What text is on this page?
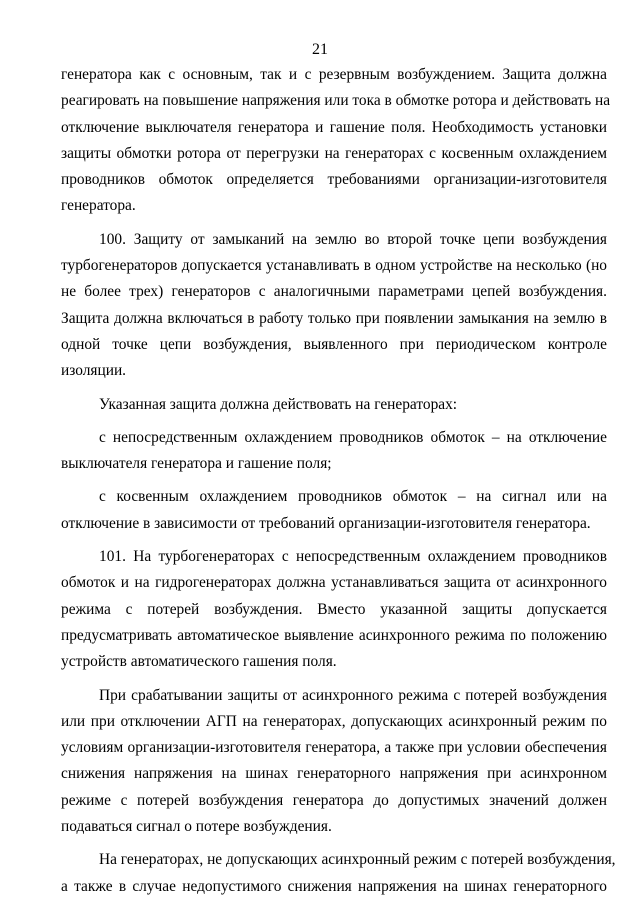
21

генератора как с основным, так и с резервным возбуждением. Защита должна
реагировать на повышение напряжения или тока в обмотке ротора и действовать на
отключение выключателя генератора и гашение поля. Необходимость установки
защиты обмотки ротора от перегрузки на генераторах с косвенным охлаждением
проводников обмоток определяется требованиями организации-изготовителя
генератора.

100. Защиту от замыканий на землю во второй точке цепи возбуждения
турбогенераторов допускается устанавливать в одном устройстве на несколько (но
не более трех) генераторов с аналогичными параметрами цепей возбуждения.
Защита должна включаться в работу только при появлении замыкания на землю в
одной точке цепи возбуждения, выявленного при периодическом контроле
изоляции.

Указанная защита должна действовать на генераторах:

с непосредственным охлаждением проводников обмоток – на отключение
выключателя генератора и гашение поля;

с косвенным охлаждением проводников обмоток – на сигнал или на
отключение в зависимости от требований организации-изготовителя генератора.

101. На турбогенераторах с непосредственным охлаждением проводников
обмоток и на гидрогенераторах должна устанавливаться защита от асинхронного
режима с потерей возбуждения. Вместо указанной защиты допускается
предусматривать автоматическое выявление асинхронного режима по положению
устройств автоматического гашения поля.

При срабатывании защиты от асинхронного режима с потерей возбуждения
или при отключении АГП на генераторах, допускающих асинхронный режим по
условиям организации-изготовителя генератора, а также при условии обеспечения
снижения напряжения на шинах генераторного напряжения при асинхронном
режиме с потерей возбуждения генератора до допустимых значений должен
подаваться сигнал о потере возбуждения.

На генераторах, не допускающих асинхронный режим с потерей возбуждения,
а также в случае недопустимого снижения напряжения на шинах генераторного
